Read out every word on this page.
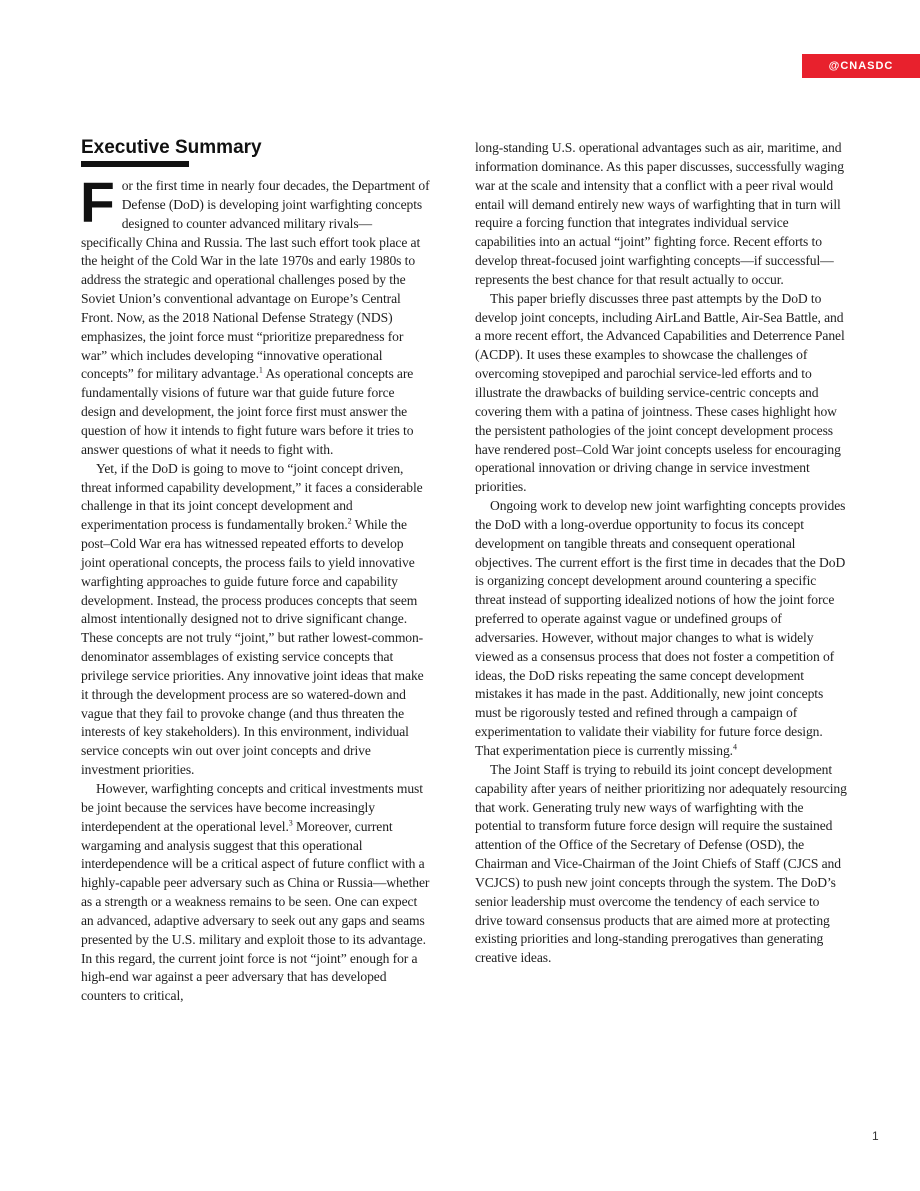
@CNASDC
Executive Summary

For the first time in nearly four decades, the Department of Defense (DoD) is developing joint warfighting concepts designed to counter advanced military rivals—specifically China and Russia. The last such effort took place at the height of the Cold War in the late 1970s and early 1980s to address the strategic and operational challenges posed by the Soviet Union’s conventional advantage on Europe’s Central Front. Now, as the 2018 National Defense Strategy (NDS) emphasizes, the joint force must “prioritize preparedness for war” which includes developing “innovative operational concepts” for military advantage.$^1$ As operational concepts are fundamentally visions of future war that guide future force design and development, the joint force first must answer the question of how it intends to fight future wars before it tries to answer questions of what it needs to fight with.

Yet, if the DoD is going to move to “joint concept driven, threat informed capability development,” it faces a considerable challenge in that its joint concept development and experimentation process is fundamentally broken.$^2$ While the post–Cold War era has witnessed repeated efforts to develop joint operational concepts, the process fails to yield innovative warfighting approaches to guide future force and capability development. Instead, the process produces concepts that seem almost intentionally designed not to drive significant change. These concepts are not truly “joint,” but rather lowest-common-denominator assemblages of existing service concepts that privilege service priorities. Any innovative joint ideas that make it through the development process are so watered-down and vague that they fail to provoke change (and thus threaten the interests of key stakeholders). In this environment, individual service concepts win out over joint concepts and drive investment priorities.

However, warfighting concepts and critical investments must be joint because the services have become increasingly interdependent at the operational level.$^3$ Moreover, current wargaming and analysis suggest that this operational interdependence will be a critical aspect of future conflict with a highly-capable peer adversary such as China or Russia—whether as a strength or a weakness remains to be seen. One can expect an advanced, adaptive adversary to seek out any gaps and seams presented by the U.S. military and exploit those to its advantage. In this regard, the current joint force is not “joint” enough for a high-end war against a peer adversary that has developed counters to critical,

long-standing U.S. operational advantages such as air, maritime, and information dominance. As this paper discusses, successfully waging war at the scale and intensity that a conflict with a peer rival would entail will demand entirely new ways of warfighting that in turn will require a forcing function that integrates individual service capabilities into an actual “joint” fighting force. Recent efforts to develop threat-focused joint warfighting concepts—if successful—represents the best chance for that result actually to occur.

This paper briefly discusses three past attempts by the DoD to develop joint concepts, including AirLand Battle, Air-Sea Battle, and a more recent effort, the Advanced Capabilities and Deterrence Panel (ACDP). It uses these examples to showcase the challenges of overcoming stovepiped and parochial service-led efforts and to illustrate the drawbacks of building service-centric concepts and covering them with a patina of jointness. These cases highlight how the persistent pathologies of the joint concept development process have rendered post–Cold War joint concepts useless for encouraging operational innovation or driving change in service investment priorities.

Ongoing work to develop new joint warfighting concepts provides the DoD with a long-overdue opportunity to focus its concept development on tangible threats and consequent operational objectives. The current effort is the first time in decades that the DoD is organizing concept development around countering a specific threat instead of supporting idealized notions of how the joint force preferred to operate against vague or undefined groups of adversaries. However, without major changes to what is widely viewed as a consensus process that does not foster a competition of ideas, the DoD risks repeating the same concept development mistakes it has made in the past. Additionally, new joint concepts must be rigorously tested and refined through a campaign of experimentation to validate their viability for future force design. That experimentation piece is currently missing.$^4$

The Joint Staff is trying to rebuild its joint concept development capability after years of neither prioritizing nor adequately resourcing that work. Generating truly new ways of warfighting with the potential to transform future force design will require the sustained attention of the Office of the Secretary of Defense (OSD), the Chairman and Vice-Chairman of the Joint Chiefs of Staff (CJCS and VCJCS) to push new joint concepts through the system. The DoD’s senior leadership must overcome the tendency of each service to drive toward consensus products that are aimed more at protecting existing priorities and long-standing prerogatives than generating creative ideas.

1
